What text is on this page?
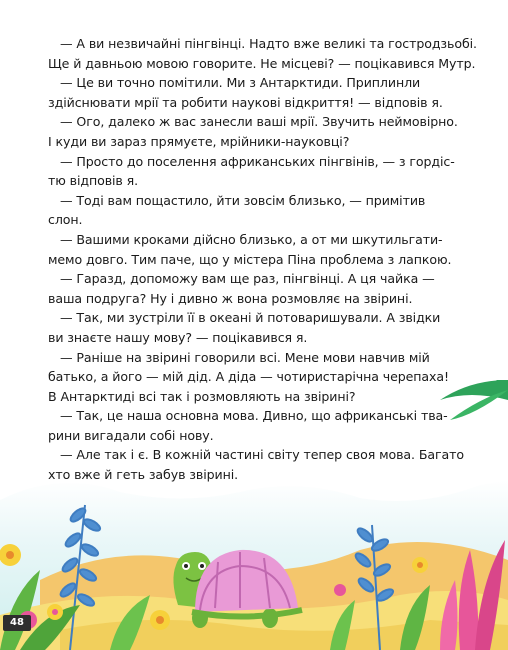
— А ви незвичайні пінгвінці. Надто вже великі та гостродзьобі.
Ще й давньою мовою говорите. Не місцеві? — поцікавився Мутр.

— Це ви точно помітили. Ми з Антарктиди. Приплинли
здійснювати мрії та робити наукові відкриття! — відповів я.

— Ого, далеко ж вас занесли ваші мрії. Звучить неймовірно.
І куди ви зараз прямуєте, мрійники-науковці?

— Просто до поселення африканських пінгвінів, — з гордіс-
тю відповів я.

— Тоді вам пощастило, йти зовсім близько, — примітив
слон.

— Вашими кроками дійсно близько, а от ми шкутильгати-
мемо довго. Тим паче, що у містера Піна проблема з лапкою.

— Гаразд, допоможу вам ще раз, пінгвінці. А ця чайка —
ваша подруга? Ну і дивно ж вона розмовляє на звірині.

— Так, ми зустріли її в океані й потоваришували. А звідки
ви знаєте нашу мову? — поцікавився я.

— Раніше на звірині говорили всі. Мене мови навчив мій
батько, а його — мій дід. А діда — чотиристарічна черепаха!
В Антарктиді всі так і розмовляють на звірині?

— Так, це наша основна мова. Дивно, що африканські тва-
рини вигадали собі нову.

— Але так і є. В кожній частині світу тепер своя мова. Багато
хто вже й геть забув звірині.

48
